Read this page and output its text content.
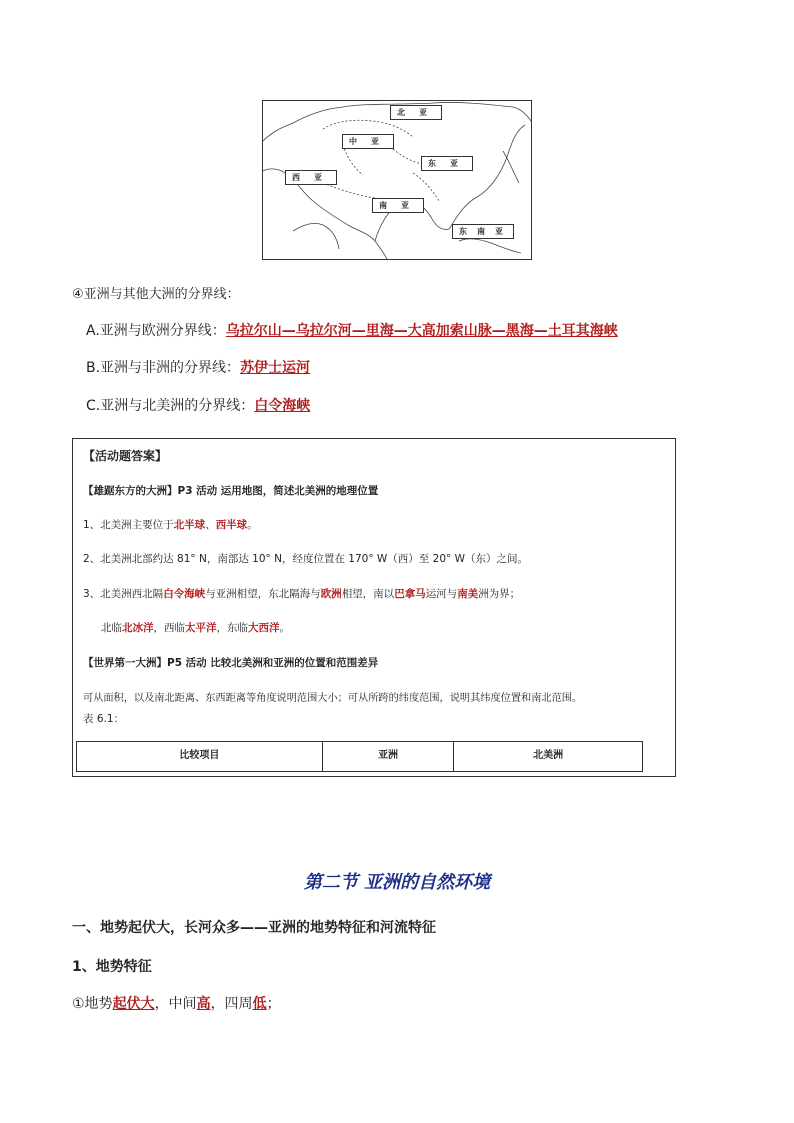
北亚
中亚
东亚
西亚
南亚
东南亚
④亚洲与其他大洲的分界线：
A.亚洲与欧洲分界线：乌拉尔山—乌拉尔河—里海—大高加索山脉—黑海—土耳其海峡
B.亚洲与非洲的分界线：苏伊士运河
C.亚洲与北美洲的分界线：白令海峡
【活动题答案】
【雄踞东方的大洲】P3 活动 运用地图，简述北美洲的地理位置
1、北美洲主要位于北半球、西半球。
2、北美洲北部约达 81° N，南部达 10° N，经度位置在 170° W（西）至 20° W（东）之间。
3、北美洲西北隔白令海峡与亚洲相望，东北隔海与欧洲相望，南以巴拿马运河与南美洲为界；
北临北冰洋，西临太平洋，东临大西洋。
【世界第一大洲】P5 活动 比较北美洲和亚洲的位置和范围差异
可从面积，以及南北距离、东西距离等角度说明范围大小；可从所跨的纬度范围，说明其纬度位置和南北范围。
表 6.1：
比较项目	亚洲	北美洲
第二节 亚洲的自然环境
一、地势起伏大，长河众多——亚洲的地势特征和河流特征
1、地势特征
①地势起伏大，中间高，四周低；
